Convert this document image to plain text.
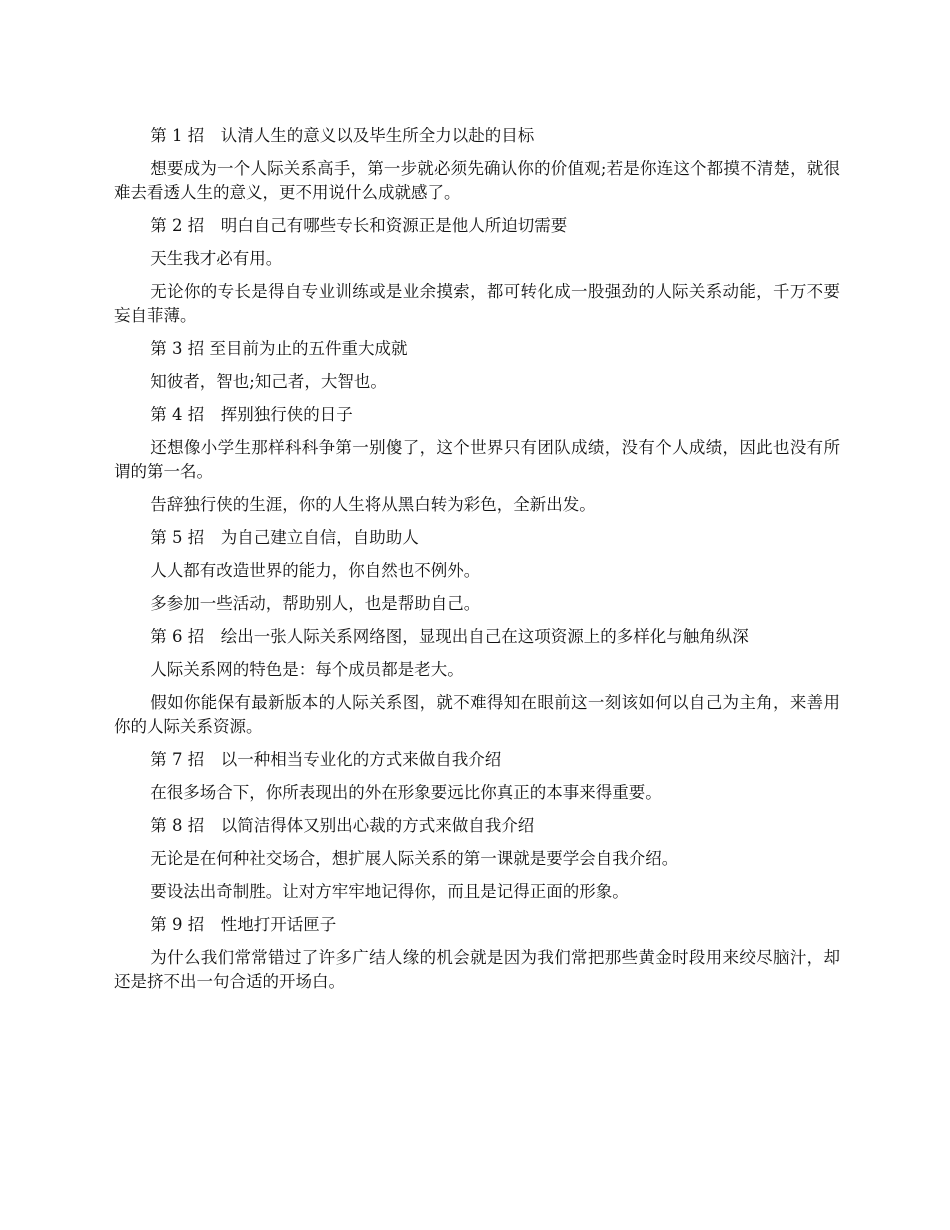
第 1 招　认清人生的意义以及毕生所全力以赴的目标

想要成为一个人际关系高手，第一步就必须先确认你的价值观;若是你连这个都摸不清楚，就很难去看透人生的意义，更不用说什么成就感了。

第 2 招　明白自己有哪些专长和资源正是他人所迫切需要

天生我才必有用。

无论你的专长是得自专业训练或是业余摸索，都可转化成一股强劲的人际关系动能，千万不要妄自菲薄。

第 3 招 至目前为止的五件重大成就

知彼者，智也;知己者，大智也。

第 4 招　挥别独行侠的日子

还想像小学生那样科科争第一别傻了，这个世界只有团队成绩，没有个人成绩，因此也没有所谓的第一名。

告辞独行侠的生涯，你的人生将从黑白转为彩色，全新出发。

第 5 招　为自己建立自信，自助助人

人人都有改造世界的能力，你自然也不例外。

多参加一些活动，帮助别人，也是帮助自己。

第 6 招　绘出一张人际关系网络图，显现出自己在这项资源上的多样化与触角纵深

人际关系网的特色是：每个成员都是老大。

假如你能保有最新版本的人际关系图，就不难得知在眼前这一刻该如何以自己为主角，来善用你的人际关系资源。

第 7 招　以一种相当专业化的方式来做自我介绍

在很多场合下，你所表现出的外在形象要远比你真正的本事来得重要。

第 8 招　以简洁得体又别出心裁的方式来做自我介绍

无论是在何种社交场合，想扩展人际关系的第一课就是要学会自我介绍。

要设法出奇制胜。让对方牢牢地记得你，而且是记得正面的形象。

第 9 招　性地打开话匣子

为什么我们常常错过了许多广结人缘的机会就是因为我们常把那些黄金时段用来绞尽脑汁，却还是挤不出一句合适的开场白。
